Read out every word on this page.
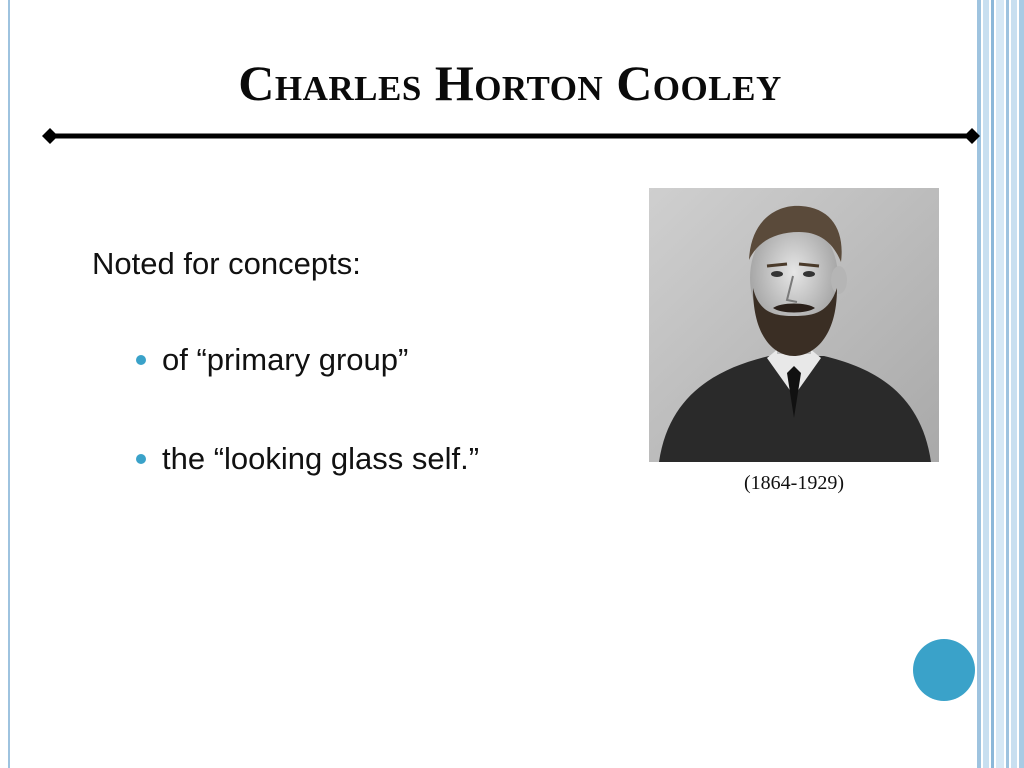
Charles Horton Cooley
Noted for concepts:
of “primary group”
the “looking glass self.”
(1864-1929)
